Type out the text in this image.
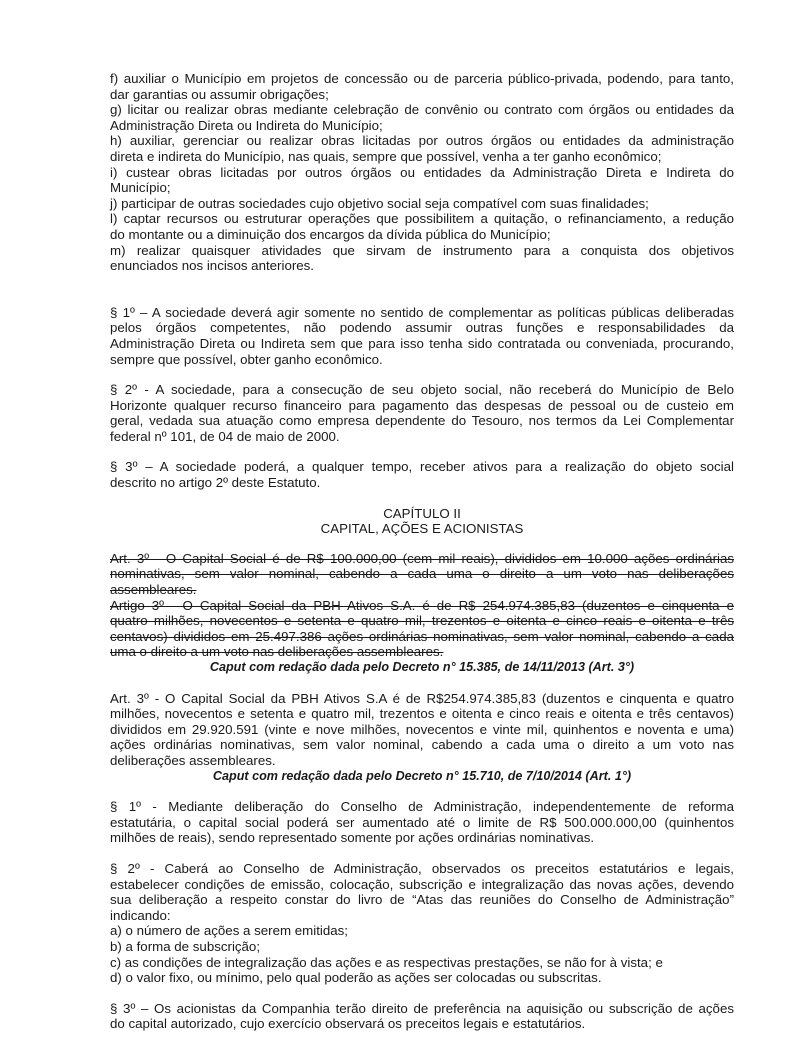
f) auxiliar o Município em projetos de concessão ou de parceria público-privada, podendo, para tanto,
dar garantias ou assumir obrigações;
g) licitar ou realizar obras mediante celebração de convênio ou contrato com órgãos ou entidades da
Administração Direta ou Indireta do Município;
h) auxiliar, gerenciar ou realizar obras licitadas por outros órgãos ou entidades da administração
direta e indireta do Município, nas quais, sempre que possível, venha a ter ganho econômico;
i) custear obras licitadas por outros órgãos ou entidades da Administração Direta e Indireta do
Município;
j) participar de outras sociedades cujo objetivo social seja compatível com suas finalidades;
l) captar recursos ou estruturar operações que possibilitem a quitação, o refinanciamento, a redução
do montante ou a diminuição dos encargos da dívida pública do Município;
m) realizar quaisquer atividades que sirvam de instrumento para a conquista dos objetivos
enunciados nos incisos anteriores.
§ 1º – A sociedade deverá agir somente no sentido de complementar as políticas públicas deliberadas
pelos órgãos competentes, não podendo assumir outras funções e responsabilidades da
Administração Direta ou Indireta sem que para isso tenha sido contratada ou conveniada, procurando,
sempre que possível, obter ganho econômico.
§ 2º - A sociedade, para a consecução de seu objeto social, não receberá do Município de Belo
Horizonte qualquer recurso financeiro para pagamento das despesas de pessoal ou de custeio em
geral, vedada sua atuação como empresa dependente do Tesouro, nos termos da Lei Complementar
federal nº 101, de 04 de maio de 2000.
§ 3º – A sociedade poderá, a qualquer tempo, receber ativos para a realização do objeto social
descrito no artigo 2º deste Estatuto.
CAPÍTULO II
CAPITAL, AÇÕES E ACIONISTAS
Art. 3º - O Capital Social é de R$ 100.000,00 (cem mil reais), divididos em 10.000 ações ordinárias
nominativas, sem valor nominal, cabendo a cada uma o direito a um voto nas deliberações
assembleares.
Artigo 3º - O Capital Social da PBH Ativos S.A. é de R$ 254.974.385,83 (duzentos e cinquenta e
quatro milhões, novecentos e setenta e quatro mil, trezentos e oitenta e cinco reais e oitenta e três
centavos) divididos em 25.497.386 ações ordinárias nominativas, sem valor nominal, cabendo a cada
uma o direito a um voto nas deliberações assembleares.
Caput com redação dada pelo Decreto n° 15.385, de 14/11/2013 (Art. 3°)
Art. 3º - O Capital Social da PBH Ativos S.A é de R$254.974.385,83 (duzentos e cinquenta e quatro
milhões, novecentos e setenta e quatro mil, trezentos e oitenta e cinco reais e oitenta e três centavos)
divididos em 29.920.591 (vinte e nove milhões, novecentos e vinte mil, quinhentos e noventa e uma)
ações ordinárias nominativas, sem valor nominal, cabendo a cada uma o direito a um voto nas
deliberações assembleares.
Caput com redação dada pelo Decreto n° 15.710, de 7/10/2014 (Art. 1°)
§ 1º - Mediante deliberação do Conselho de Administração, independentemente de reforma
estatutária, o capital social poderá ser aumentado até o limite de R$ 500.000.000,00 (quinhentos
milhões de reais), sendo representado somente por ações ordinárias nominativas.
§ 2º - Caberá ao Conselho de Administração, observados os preceitos estatutários e legais,
estabelecer condições de emissão, colocação, subscrição e integralização das novas ações, devendo
sua deliberação a respeito constar do livro de “Atas das reuniões do Conselho de Administração”
indicando:
a) o número de ações a serem emitidas;
b) a forma de subscrição;
c) as condições de integralização das ações e as respectivas prestações, se não for à vista; e
d) o valor fixo, ou mínimo, pelo qual poderão as ações ser colocadas ou subscritas.
§ 3º – Os acionistas da Companhia terão direito de preferência na aquisição ou subscrição de ações
do capital autorizado, cujo exercício observará os preceitos legais e estatutários.
